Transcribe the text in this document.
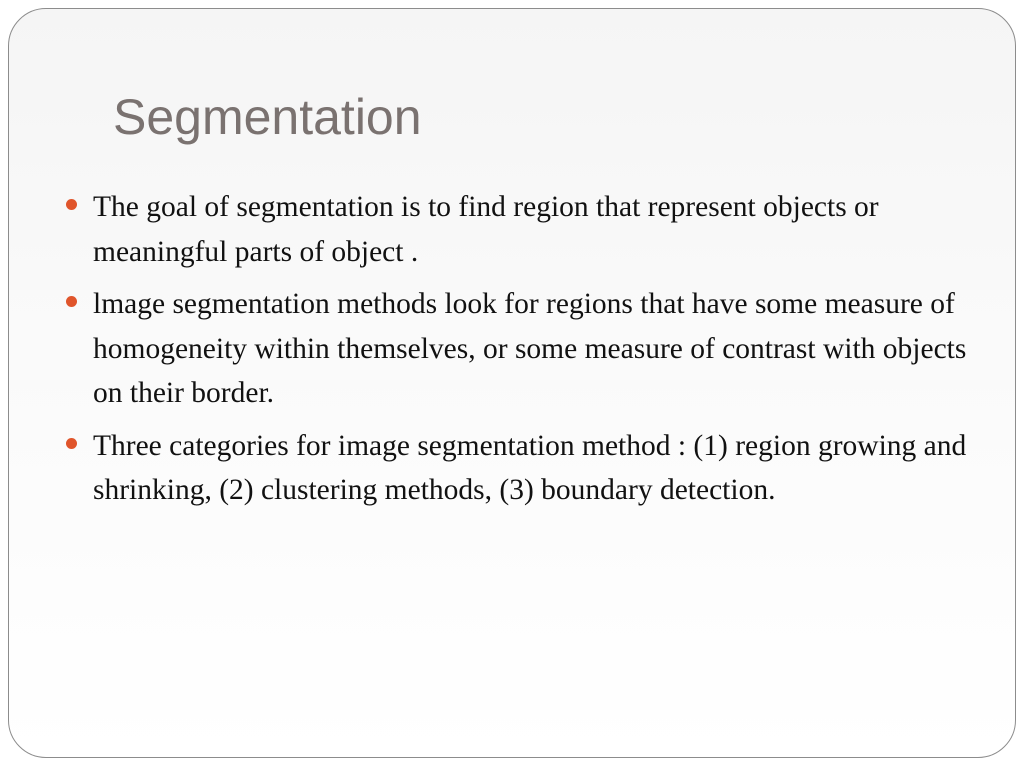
Segmentation

The goal of segmentation is to find region that represent objects or meaningful parts of object .

lmage segmentation methods look for regions that have some measure of homogeneity within themselves, or some measure of contrast with objects on their border.

Three categories for image segmentation method : (1) region growing and shrinking, (2) clustering methods, (3) boundary detection.
